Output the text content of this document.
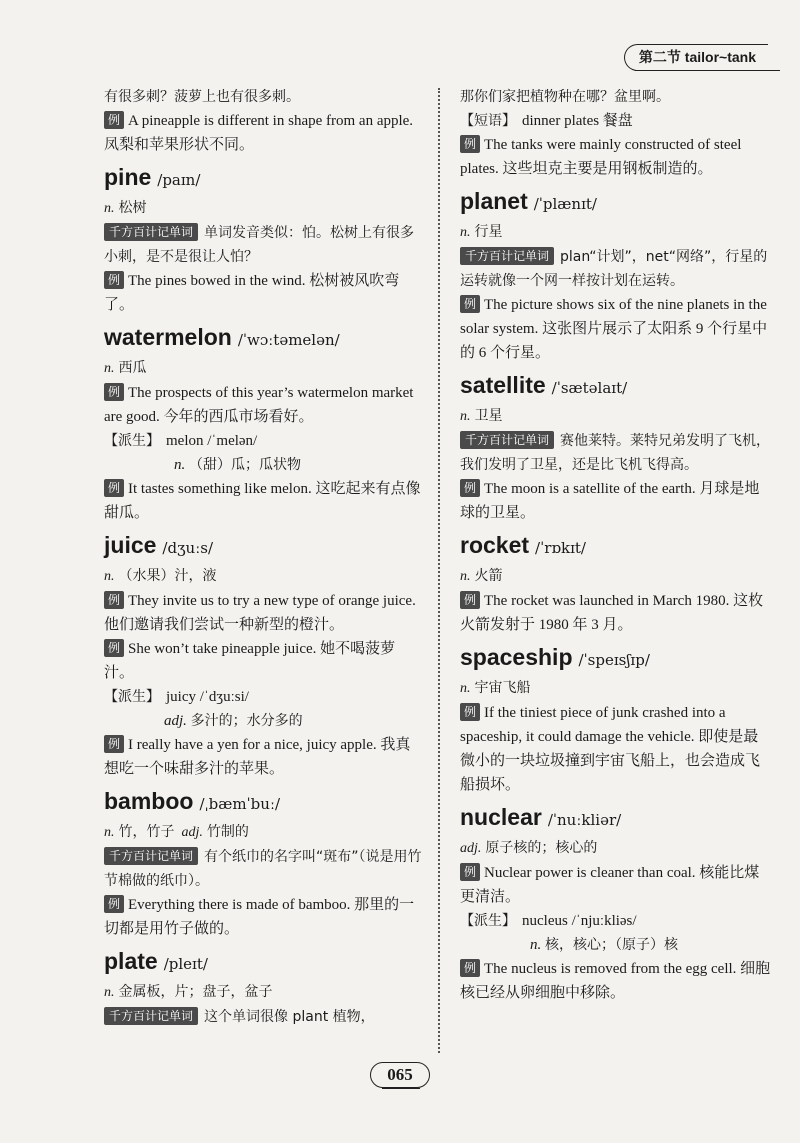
第二节 tailor~tank

有很多刺？菠萝上也有很多刺。

例 A pineapple is different in shape from an apple. 凤梨和苹果形状不同。

pine /paɪn/

n. 松树

千方百计记单词 单词发音类似：怕。松树上有很多小刺，是不是很让人怕？

例 The pines bowed in the wind. 松树被风吹弯了。

watermelon /ˈwɔːtəmelən/

n. 西瓜

例 The prospects of this year’s watermelon market are good. 今年的西瓜市场看好。

【派生】 melon /ˈmelən/

n. （甜）瓜；瓜状物

例 It tastes something like melon. 这吃起来有点像甜瓜。

juice /dʒuːs/

n. （水果）汁，液

例 They invite us to try a new type of orange juice. 他们邀请我们尝试一种新型的橙汁。

例 She won’t take pineapple juice. 她不喝菠萝汁。

【派生】 juicy /ˈdʒuːsi/

adj. 多汁的；水分多的

例 I really have a yen for a nice, juicy apple. 我真想吃一个味甜多汁的苹果。

bamboo /ˌbæmˈbuː/

n. 竹，竹子 adj. 竹制的

千方百计记单词 有个纸巾的名字叫“斑布”（说是用竹节棉做的纸巾）。

例 Everything there is made of bamboo. 那里的一切都是用竹子做的。

plate /pleɪt/

n. 金属板，片；盘子，盆子

千方百计记单词 这个单词很像 plant 植物，

那你们家把植物种在哪？盆里啊。

【短语】 dinner plates 餐盘

例 The tanks were mainly constructed of steel plates. 这些坦克主要是用钢板制造的。

planet /ˈplænɪt/

n. 行星

千方百计记单词 plan“计划”，net“网络”，行星的运转就像一个网一样按计划在运转。

例 The picture shows six of the nine planets in the solar system. 这张图片展示了太阳系 9 个行星中的 6 个行星。

satellite /ˈsætəlaɪt/

n. 卫星

千方百计记单词 赛他莱特。莱特兄弟发明了飞机，我们发明了卫星，还是比飞机飞得高。

例 The moon is a satellite of the earth. 月球是地球的卫星。

rocket /ˈrɒkɪt/

n. 火箭

例 The rocket was launched in March 1980. 这枚火箭发射于 1980 年 3 月。

spaceship /ˈspeɪsʃɪp/

n. 宇宙飞船

例 If the tiniest piece of junk crashed into a spaceship, it could damage the vehicle. 即使是最微小的一块垃圾撞到宇宙飞船上，也会造成飞船损坏。

nuclear /ˈnuːkliər/

adj. 原子核的；核心的

例 Nuclear power is cleaner than coal. 核能比煤更清洁。

【派生】 nucleus /ˈnjuːkliəs/

n. 核，核心；（原子）核

例 The nucleus is removed from the egg cell. 细胞核已经从卵细胞中移除。

065
